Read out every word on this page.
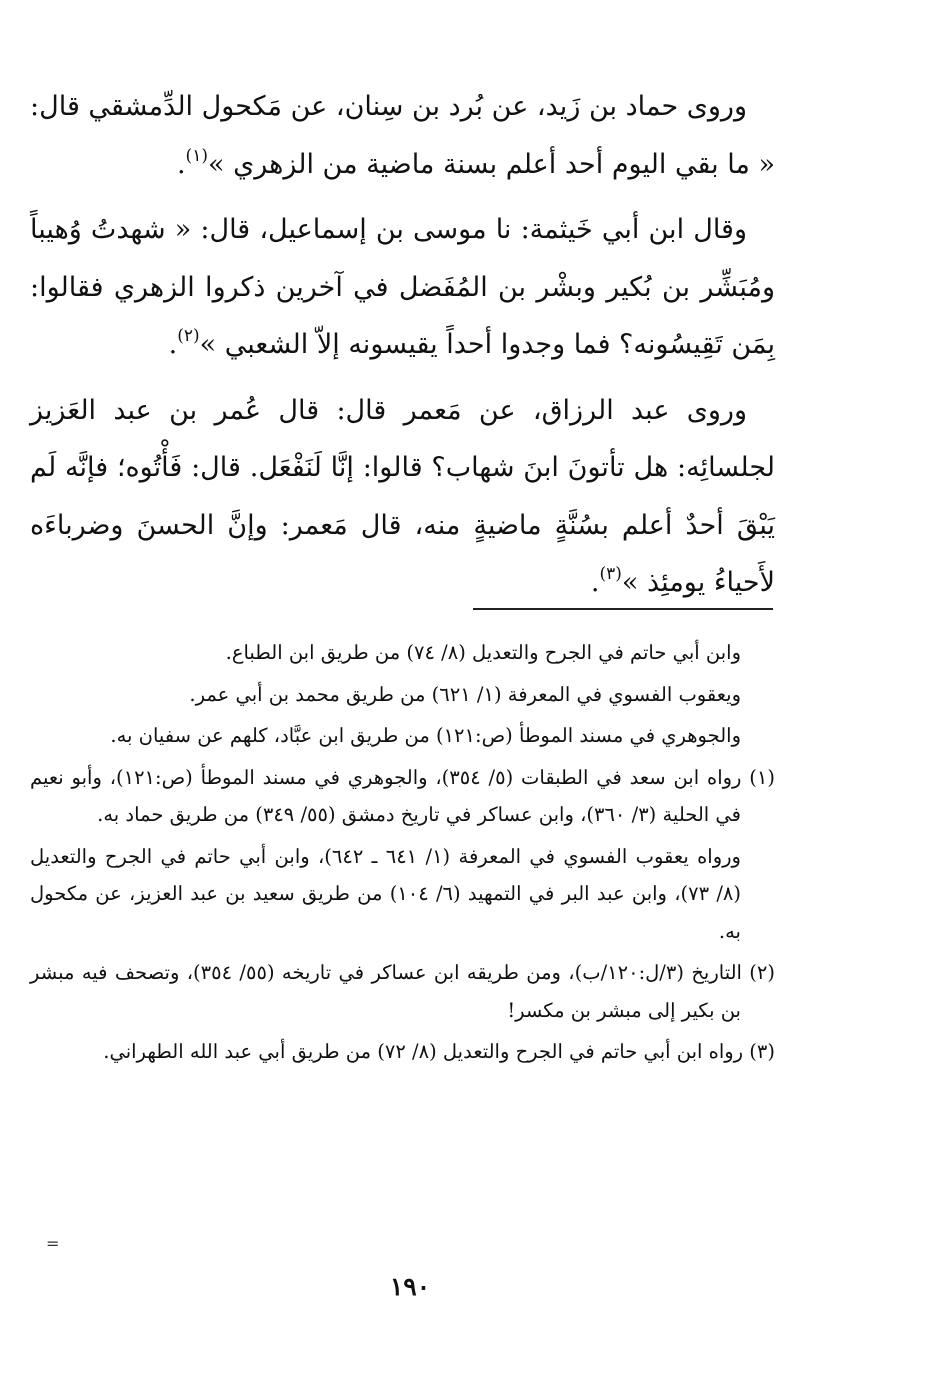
وروى حماد بن زَيد، عن بُرد بن سِنان، عن مَكحول الدِّمشقي قال: « ما بقي اليوم أحد أعلم بسنة ماضية من الزهري »$^{(١)}$.

وقال ابن أبي خَيثمة: نا موسى بن إسماعيل، قال: « شهدتُ وُهيباً ومُبَشِّر بن بُكير وبشْر بن المُفَضل في آخرين ذكروا الزهري فقالوا: بِمَن تَقِيسُونه؟ فما وجدوا أحداً يقيسونه إلاّ الشعبي »$^{(٢)}$.

وروى عبد الرزاق، عن مَعمر قال: قال عُمر بن عبد العَزيز لجلسائِه: هل تأتونَ ابنَ شهاب؟ قالوا: إنَّا لَنَفْعَل. قال: فَأْتُوه؛ فإنَّه لَم يَبْقَ أحدٌ أعلم بسُنَّةٍ ماضيةٍ منه، قال مَعمر: وإنَّ الحسنَ وضرباءَه لأَحياءُ يومئِذ »$^{(٣)}$.

وابن أبي حاتم في الجرح والتعديل (٨/ ٧٤) من طريق ابن الطباع.

ويعقوب الفسوي في المعرفة (١/ ٦٢١) من طريق محمد بن أبي عمر.

والجوهري في مسند الموطأ (ص:١٢١) من طريق ابن عبَّاد، كلهم عن سفيان به.

(١) رواه ابن سعد في الطبقات (٥/ ٣٥٤)، والجوهري في مسند الموطأ (ص:١٢١)، وأبو نعيم في الحلية (٣/ ٣٦٠)، وابن عساكر في تاريخ دمشق (٥٥/ ٣٤٩) من طريق حماد به.

ورواه يعقوب الفسوي في المعرفة (١/ ٦٤١ ـ ٦٤٢)، وابن أبي حاتم في الجرح والتعديل (٨/ ٧٣)، وابن عبد البر في التمهيد (٦/ ١٠٤) من طريق سعيد بن عبد العزيز، عن مكحول به.

(٢) التاريخ (٣/ل:١٢٠/ب)، ومن طريقه ابن عساكر في تاريخه (٥٥/ ٣٥٤)، وتصحف فيه مبشر بن بكير إلى مبشر بن مكسر!

(٣) رواه ابن أبي حاتم في الجرح والتعديل (٨/ ٧٢) من طريق أبي عبد الله الطهراني.

=
١٩٠
